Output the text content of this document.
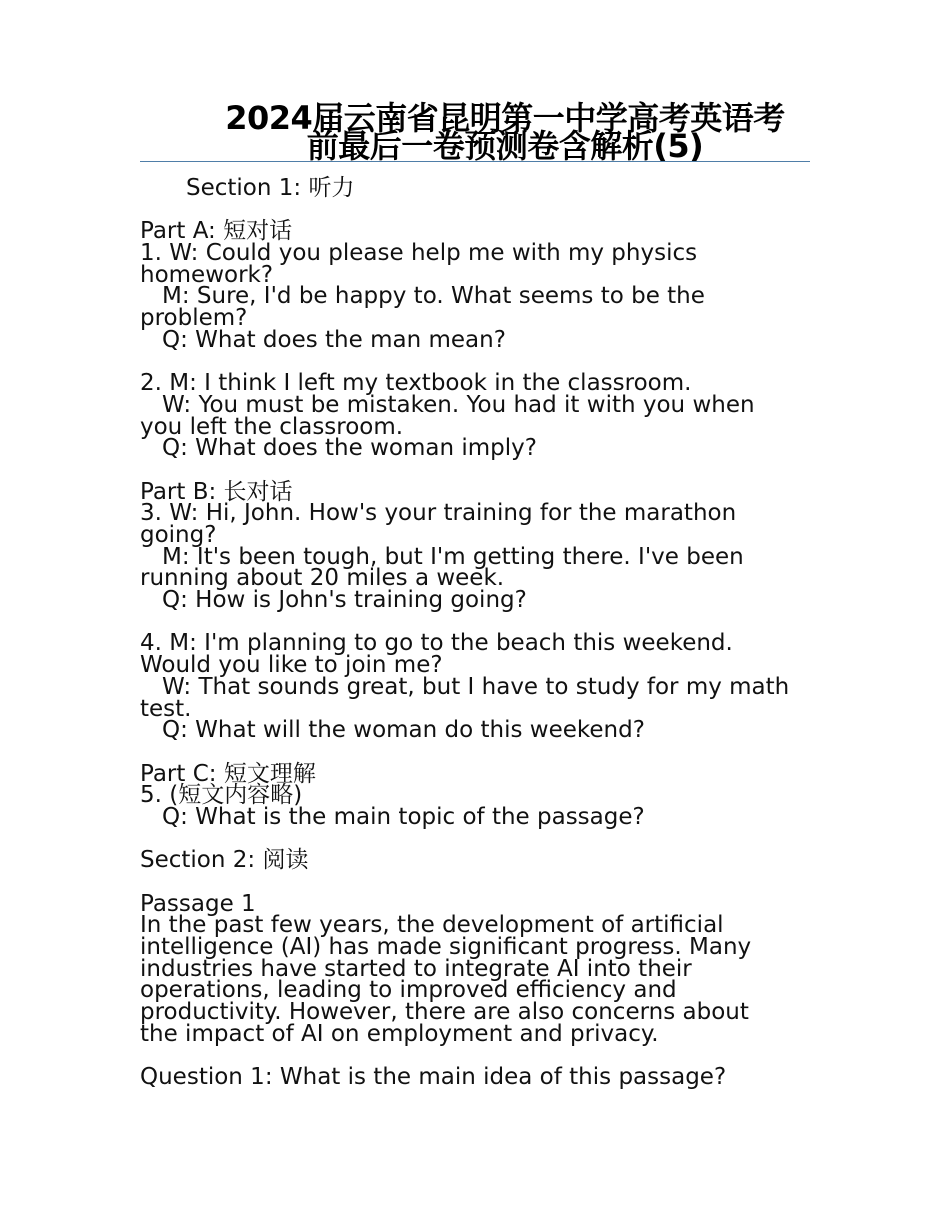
2024届云南省昆明第一中学高考英语考
前最后一卷预测卷含解析(5)
Section 1: 听力
Part A: 短对话
1. W: Could you please help me with my physics
homework?
M: Sure, I'd be happy to. What seems to be the
problem?
Q: What does the man mean?
2. M: I think I left my textbook in the classroom.
W: You must be mistaken. You had it with you when
you left the classroom.
Q: What does the woman imply?
Part B: 长对话
3. W: Hi, John. How's your training for the marathon
going?
M: It's been tough, but I'm getting there. I've been
running about 20 miles a week.
Q: How is John's training going?
4. M: I'm planning to go to the beach this weekend.
Would you like to join me?
W: That sounds great, but I have to study for my math
test.
Q: What will the woman do this weekend?
Part C: 短文理解
5. (短文内容略)
Q: What is the main topic of the passage?
Section 2: 阅读
Passage 1
In the past few years, the development of artificial
intelligence (AI) has made significant progress. Many
industries have started to integrate AI into their
operations, leading to improved efficiency and
productivity. However, there are also concerns about
the impact of AI on employment and privacy.
Question 1: What is the main idea of this passage?
